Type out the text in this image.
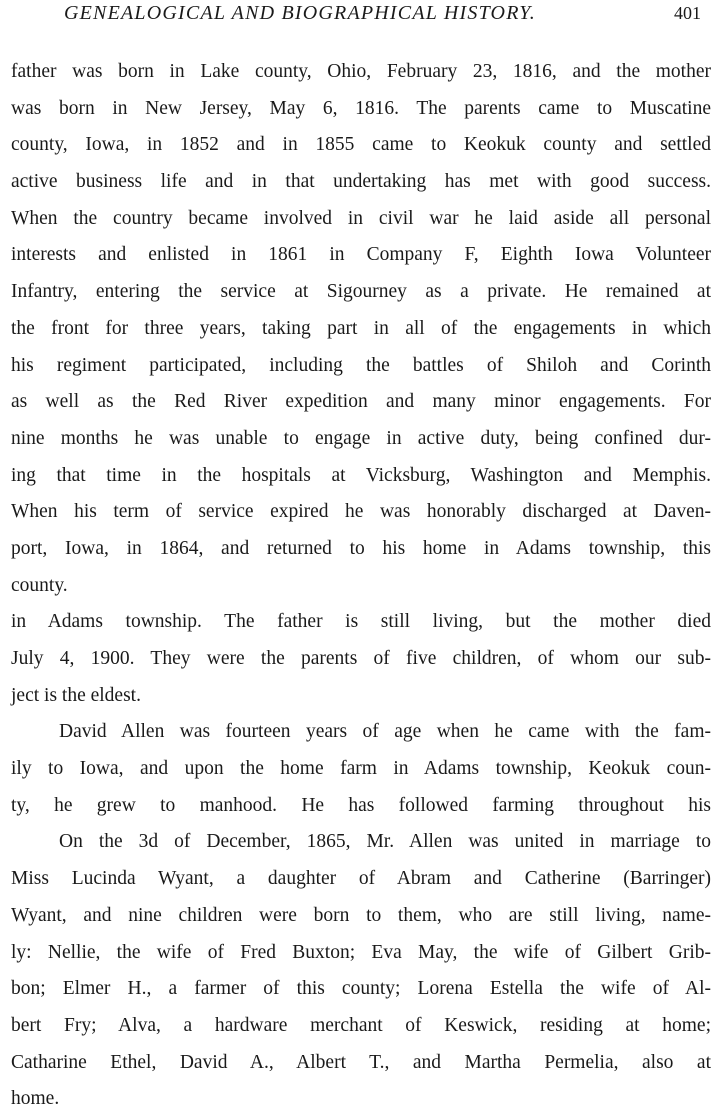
GENEALOGICAL AND BIOGRAPHICAL HISTORY.	401
father was born in Lake county, Ohio, February 23, 1816, and the mother
was born in New Jersey, May 6, 1816. The parents came to Muscatine
county, Iowa, in 1852 and in 1855 came to Keokuk county and settled
active business life and in that undertaking has met with good success.
When the country became involved in civil war he laid aside all personal
interests and enlisted in 1861 in Company F, Eighth Iowa Volunteer
Infantry, entering the service at Sigourney as a private. He remained at
the front for three years, taking part in all of the engagements in which
his regiment participated, including the battles of Shiloh and Corinth
as well as the Red River expedition and many minor engagements. For
nine months he was unable to engage in active duty, being confined dur-
ing that time in the hospitals at Vicksburg, Washington and Memphis.
When his term of service expired he was honorably discharged at Daven-
port, Iowa, in 1864, and returned to his home in Adams township, this
county.
in Adams township. The father is still living, but the mother died
July 4, 1900. They were the parents of five children, of whom our sub-
ject is the eldest.
David Allen was fourteen years of age when he came with the fam-
ily to Iowa, and upon the home farm in Adams township, Keokuk coun-
ty, he grew to manhood. He has followed farming throughout his
On the 3d of December, 1865, Mr. Allen was united in marriage to
Miss Lucinda Wyant, a daughter of Abram and Catherine (Barringer)
Wyant, and nine children were born to them, who are still living, name-
ly: Nellie, the wife of Fred Buxton; Eva May, the wife of Gilbert Grib-
bon; Elmer H., a farmer of this county; Lorena Estella the wife of Al-
bert Fry; Alva, a hardware merchant of Keswick, residing at home;
Catharine Ethel, David A., Albert T., and Martha Permelia, also at
home.
